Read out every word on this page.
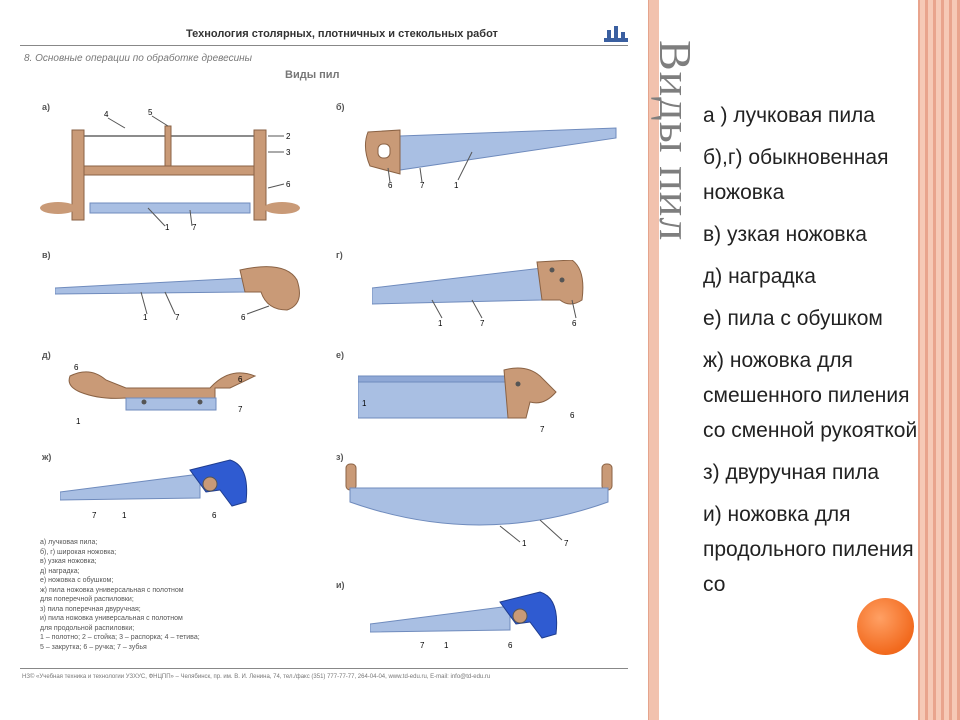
Технология столярных, плотничных и стекольных работ
8. Основные операции по обработке древесины
Виды пил
а)	б)
в)	г)
д)	е)
ж)	з)
и)
4	5
2
3
6
1	7
6	7	1
1	7	6
1	7	6
6
6
1
7
1
6
7
7	1	6
1	7
7 1	6
а) лучковая пила;
б), г) широкая ножовка;
в) узкая ножовка;
д) наградка;
е) ножовка с обушком;
ж) пила ножовка универсальная с полотном
для поперечной распиловки;
з) пила поперечная двуручная;
и) пила ножовка универсальная с полотном
для продольной распиловки;
1 – полотно; 2 – стойка; 3 – распорка; 4 – тетива;
5 – закрутка; 6 – ручка; 7 – зубья
НЗ© «Учебная техника и технологии УЗХУС, ФНЦПП» – Челябинск, пр. им. В. И. Ленина, 74, тел./факс (351) 777-77-77, 264-04-04, www.td-edu.ru, E-mail: info@td-edu.ru
Виды пил а ) лучковая пила
б),г) обыкновенная ножовка
в) узкая ножовка
д) наградка
е) пила с обушком
ж) ножовка для смешенного пиления со сменной рукояткой
з) двуручная пила
и) ножовка для продольного пиления со
